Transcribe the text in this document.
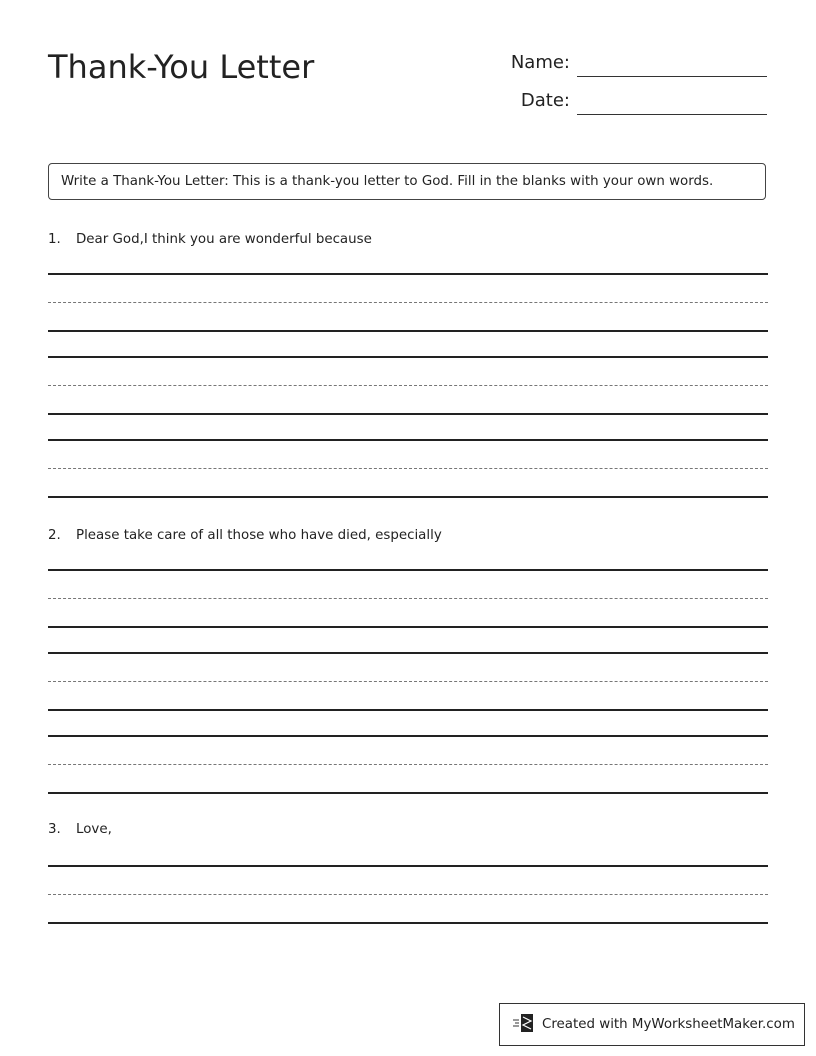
Thank-You Letter	Name:
Date:
Write a Thank-You Letter: This is a thank-you letter to God. Fill in the blanks with your own words.
1. Dear God,I think you are wonderful because
2. Please take care of all those who have died, especially
3. Love,
Created with MyWorksheetMaker.com
